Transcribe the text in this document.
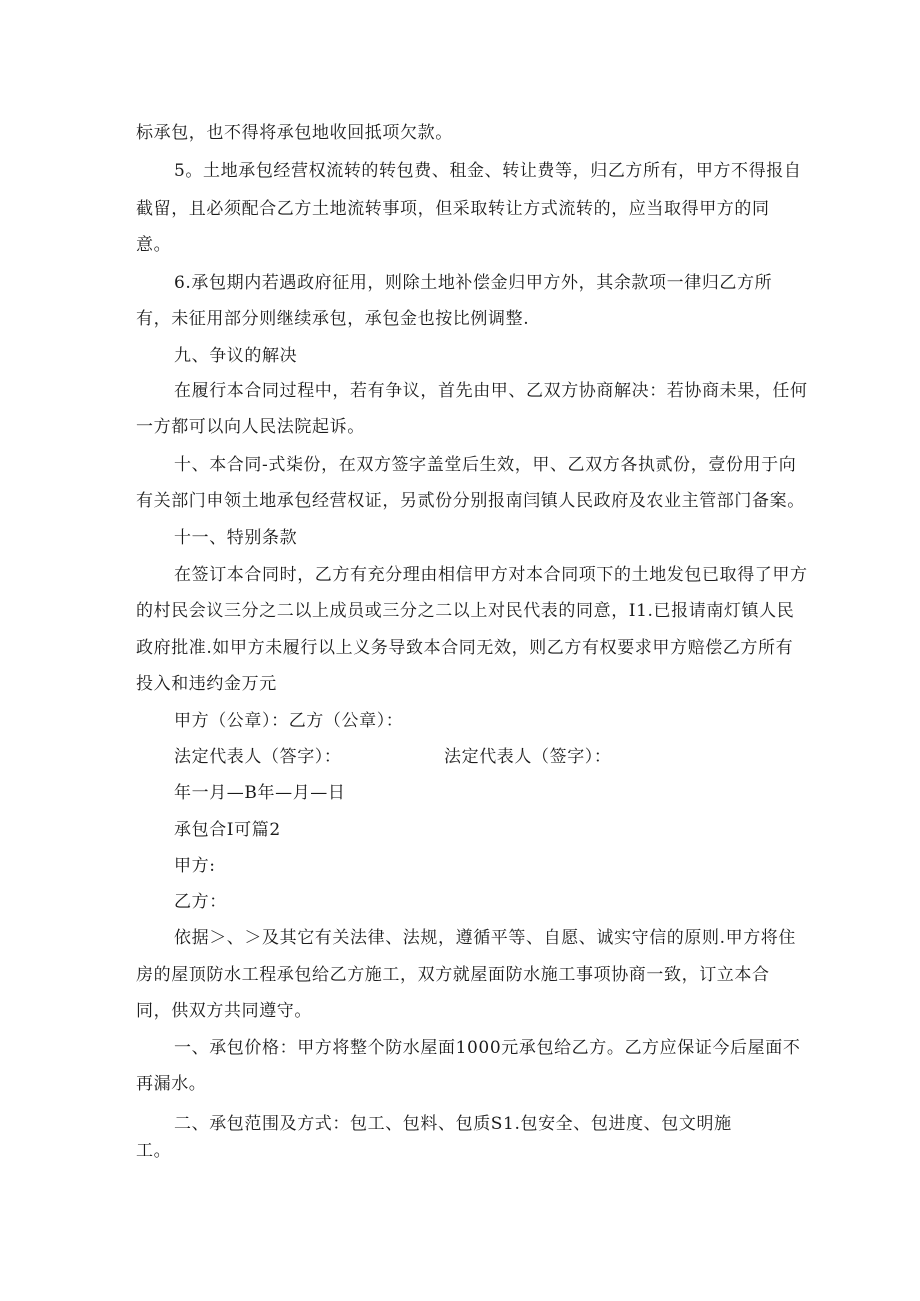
标承包，也不得将承包地收回抵项欠款。
5。土地承包经营权流转的转包费、租金、转让费等，归乙方所有，甲方不得报自
截留，且必须配合乙方土地流转事项，但采取转让方式流转的，应当取得甲方的同
意。
6.承包期内若遇政府征用，则除土地补偿金归甲方外，其余款项一律归乙方所
有，未征用部分则继续承包，承包金也按比例调整.
九、争议的解决
在履行本合同过程中，若有争议，首先由甲、乙双方协商解决：若协商未果，任何
一方都可以向人民法院起诉。
十、本合同-式柒份，在双方签字盖堂后生效，甲、乙双方各执贰份，壹份用于向
有关部门申领土地承包经营权证，另贰份分别报南闫镇人民政府及农业主管部门备案。
十一、特别条款
在签订本合同时，乙方有充分理由相信甲方对本合同项下的土地发包已取得了甲方
的村民会议三分之二以上成员或三分之二以上对民代表的同意，I1.已报请南灯镇人民
政府批准.如甲方未履行以上义务导致本合同无效，则乙方有权要求甲方赔偿乙方所有
投入和违约金万元
甲方（公章）：乙方（公章）：
法定代表人（答字）：	法定代表人（签字）：
年一月—B年—月—日
承包合I可篇2
甲方:
乙方：
依据＞、＞及其它有关法律、法规，遵循平等、自愿、诚实守信的原则.甲方将住
房的屋顶防水工程承包给乙方施工，双方就屋面防水施工事项协商一致，订立本合
同，供双方共同遵守。
一、承包价格：甲方将整个防水屋面1000元承包给乙方。乙方应保证今后屋面不
再漏水。
二、承包范围及方式：包工、包料、包质S1.包安全、包进度、包文明施
工。
